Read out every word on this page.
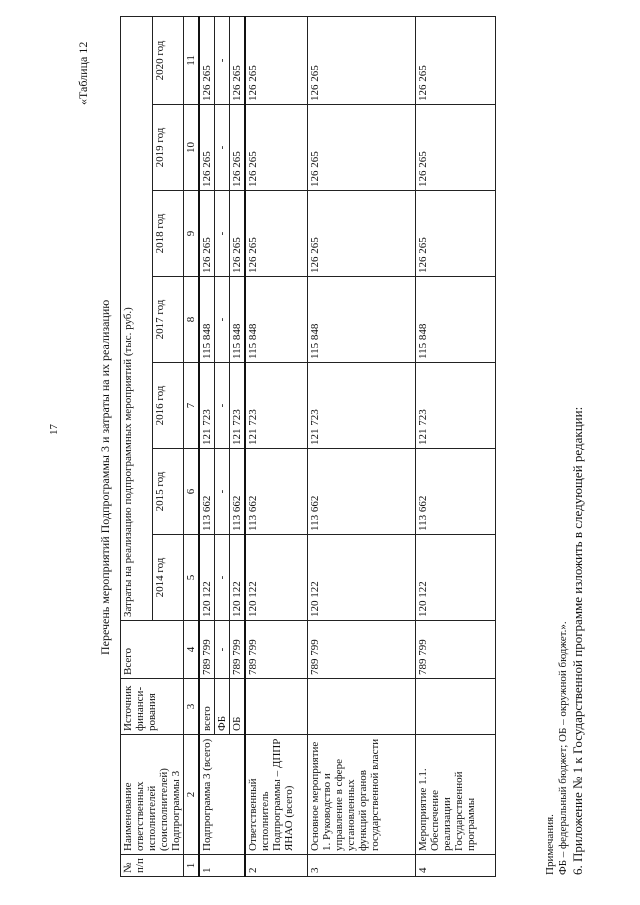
17
«Таблица 12
Перечень мероприятий Подпрограммы 3 и затраты на их реализацию
№ п/п	Наименование ответственных исполнителей (соисполнителей) Подпрограммы 3	Источник финанси-рования	Всего	Затраты на реализацию подпрограммных мероприятий (тыс. руб.)						
				2014 год	2015 год	2016 год	2017 год	2018 год	2019 год	2020 год
1	2	3	4	5	6	7	8	9	10	11
1	Подпрограмма 3 (всего)	всего	789 799	120 122	113 662	121 723	115 848	126 265	126 265	126 265
		ФБ	-	-	-	-	-	-	-	-
		ОБ	789 799	120 122	113 662	121 723	115 848	126 265	126 265	126 265
2	Ответственный исполнитель Подпрограммы – ДППР ЯНАО (всего)		789 799	120 122	113 662	121 723	115 848	126 265	126 265	126 265
3	Основное мероприятие 1. Руководство и управление в сфере установленных функций органов государственной власти		789 799	120 122	113 662	121 723	115 848	126 265	126 265	126 265
4	Мероприятие 1.1. Обеспечение реализации Государственной программы		789 799	120 122	113 662	121 723	115 848	126 265	126 265	126 265
Примечания. ФБ – федеральный бюджет; ОБ – окружной бюджет.». 6. Приложение № 1 к Государственной программе изложить в следующей редакции:
